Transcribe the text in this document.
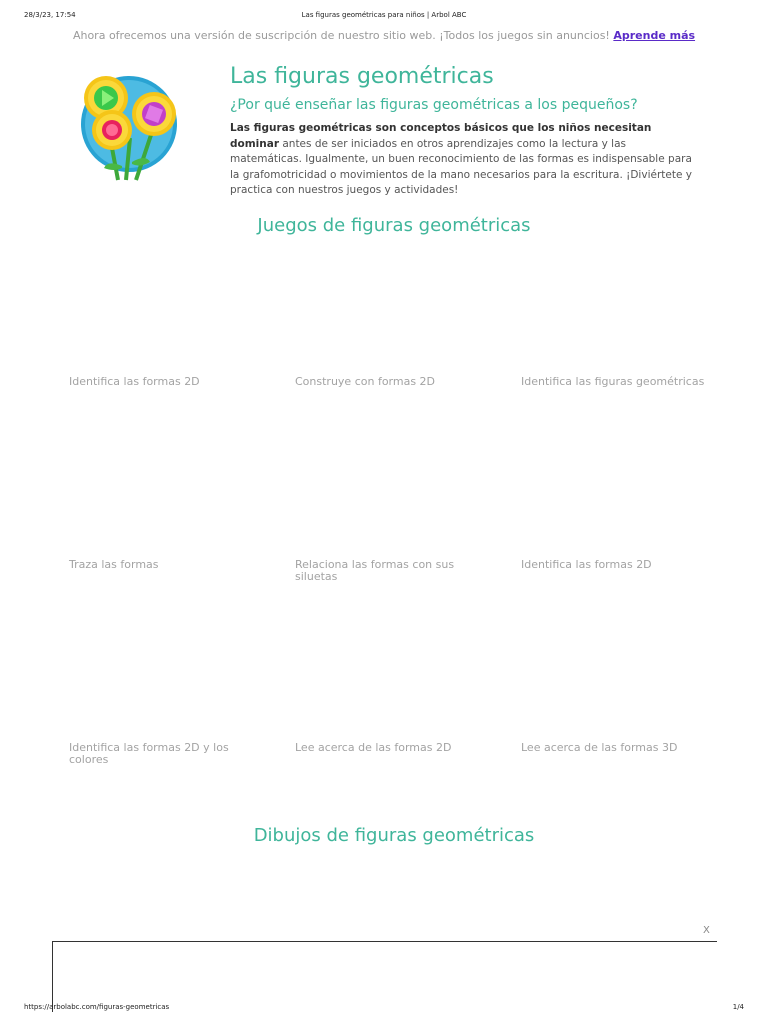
28/3/23, 17:54	Las figuras geométricas para niños | Arbol ABC
Ahora ofrecemos una versión de suscripción de nuestro sitio web. ¡Todos los juegos sin anuncios! Aprende más
Las figuras geométricas
¿Por qué enseñar las figuras geométricas a los pequeños?

Las figuras geométricas son conceptos básicos que los niños necesitan dominar antes de ser iniciados en otros aprendizajes como la lectura y las matemáticas. Igualmente, un buen reconocimiento de las formas es indispensable para la grafomotricidad o movimientos de la mano necesarios para la escritura. ¡Diviértete y practica con nuestros juegos y actividades!

Juegos de figuras geométricas
Identifica las formas 2D	Construye con formas 2D	Identifica las figuras geométricas
Traza las formas	Relaciona las formas con sus siluetas
Identifica las formas 2D
Identifica las formas 2D y los colores
Lee acerca de las formas 2D	Lee acerca de las formas 3D
Dibujos de figuras geométricas
X
https://arbolabc.com/figuras-geometricas	1/4
